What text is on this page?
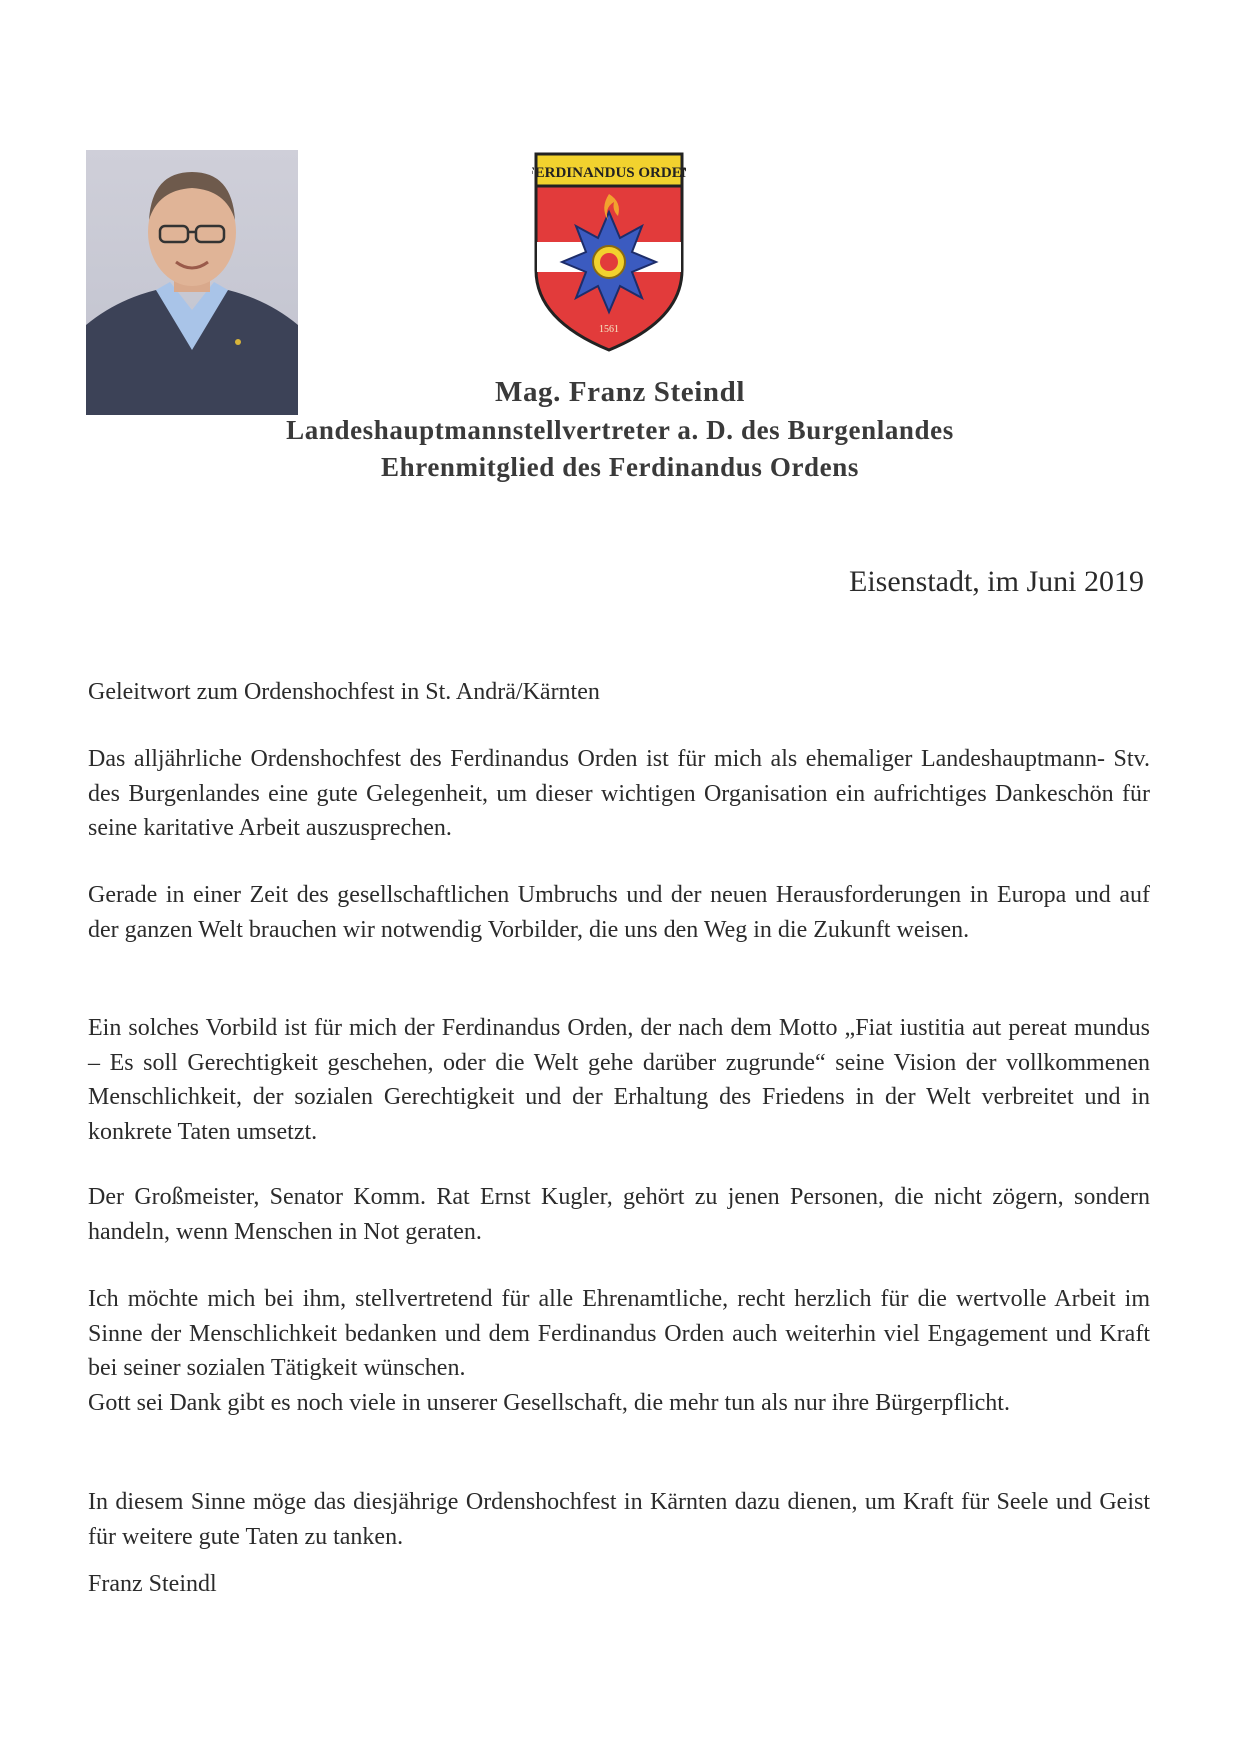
FERDINANDUS ORDEN
1561
Mag. Franz Steindl
Landeshauptmannstellvertreter a. D. des Burgenlandes
Ehrenmitglied des Ferdinandus Ordens
Eisenstadt, im Juni 2019

Geleitwort zum Ordenshochfest in St. Andrä/Kärnten

Das alljährliche Ordenshochfest des Ferdinandus Orden ist für mich als ehemaliger Landeshauptmann- Stv. des Burgenlandes eine gute Gelegenheit, um dieser wichtigen Organisation ein aufrichtiges Dankeschön für seine karitative Arbeit auszusprechen.

Gerade in einer Zeit des gesellschaftlichen Umbruchs und der neuen Herausforderungen in Europa und auf der ganzen Welt brauchen wir notwendig Vorbilder, die uns den Weg in die Zukunft weisen.

Ein solches Vorbild ist für mich der Ferdinandus Orden, der nach dem Motto „Fiat iustitia aut pereat mundus – Es soll Gerechtigkeit geschehen, oder die Welt gehe darüber zugrunde“ seine Vision der vollkommenen Menschlichkeit, der sozialen Gerechtigkeit und der Erhaltung des Friedens in der Welt verbreitet und in konkrete Taten umsetzt.

Der Großmeister, Senator Komm. Rat Ernst Kugler, gehört zu jenen Personen, die nicht zögern, sondern handeln, wenn Menschen in Not geraten.

Ich möchte mich bei ihm, stellvertretend für alle Ehrenamtliche, recht herzlich für die wertvolle Arbeit im Sinne der Menschlichkeit bedanken und dem Ferdinandus Orden auch weiterhin viel Engagement und Kraft bei seiner sozialen Tätigkeit wünschen.

Gott sei Dank gibt es noch viele in unserer Gesellschaft, die mehr tun als nur ihre Bürgerpflicht.

In diesem Sinne möge das diesjährige Ordenshochfest in Kärnten dazu dienen, um Kraft für Seele und Geist für weitere gute Taten zu tanken.

Franz Steindl
